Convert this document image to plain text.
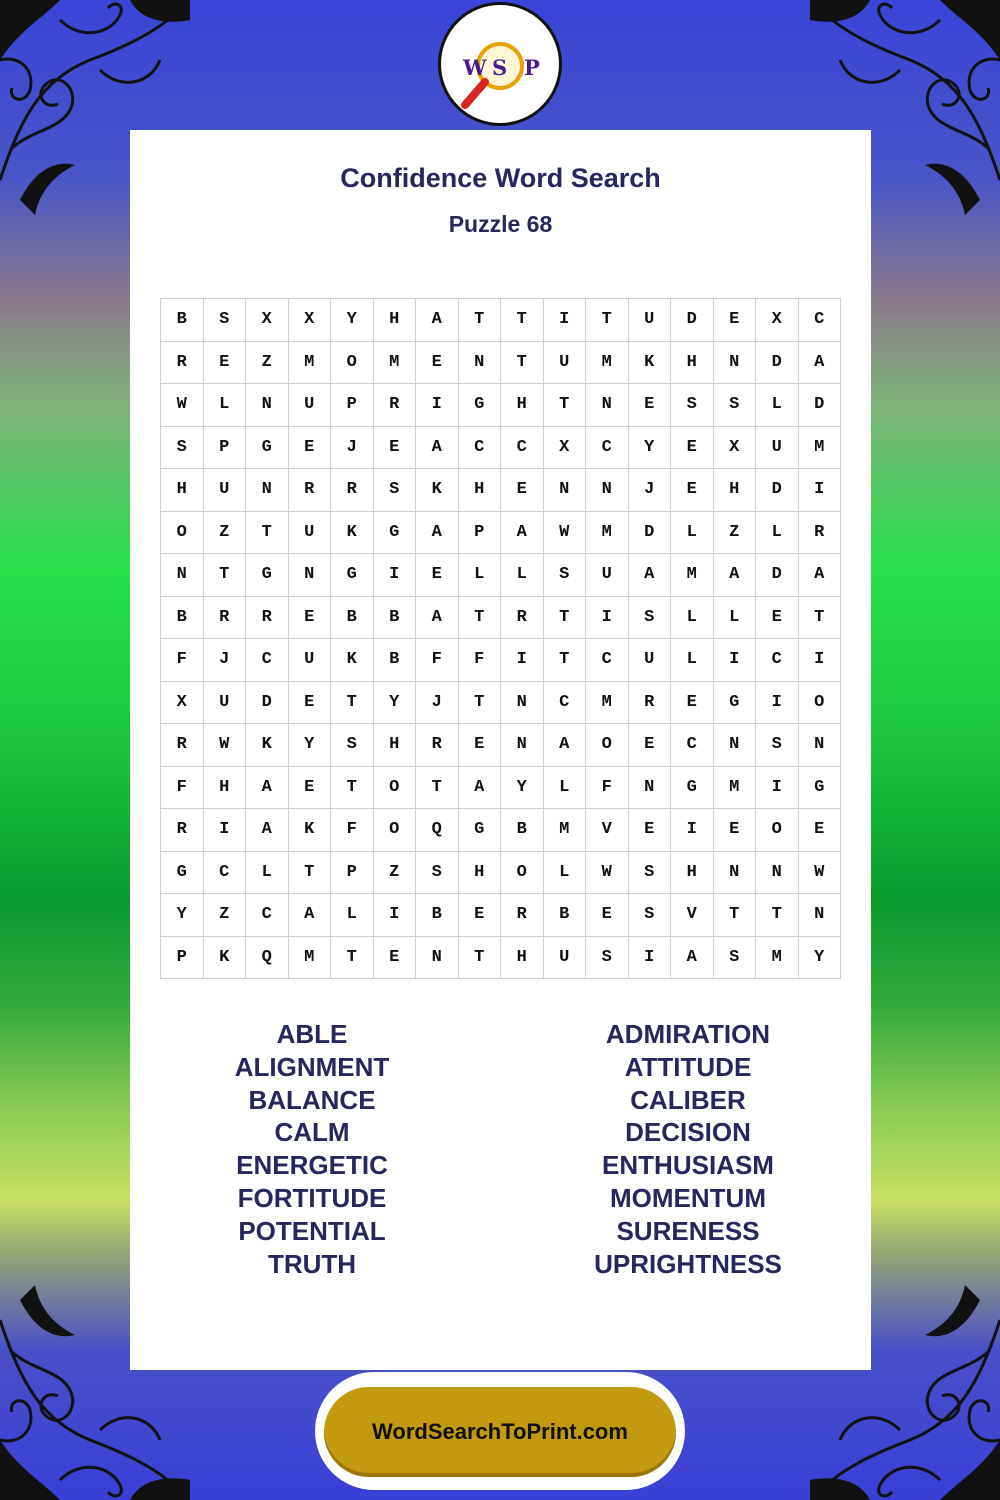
W S P
Confidence Word Search
Puzzle 68
B	S	X	X	Y	H	A	T	T	I	T	U	D	E	X	C
R	E	Z	M	O	M	E	N	T	U	M	K	H	N	D	A
W	L	N	U	P	R	I	G	H	T	N	E	S	S	L	D
S	P	G	E	J	E	A	C	C	X	C	Y	E	X	U	M
H	U	N	R	R	S	K	H	E	N	N	J	E	H	D	I
O	Z	T	U	K	G	A	P	A	W	M	D	L	Z	L	R
N	T	G	N	G	I	E	L	L	S	U	A	M	A	D	A
B	R	R	E	B	B	A	T	R	T	I	S	L	L	E	T
F	J	C	U	K	B	F	F	I	T	C	U	L	I	C	I
X	U	D	E	T	Y	J	T	N	C	M	R	E	G	I	O
R	W	K	Y	S	H	R	E	N	A	O	E	C	N	S	N
F	H	A	E	T	O	T	A	Y	L	F	N	G	M	I	G
R	I	A	K	F	O	Q	G	B	M	V	E	I	E	O	E
G	C	L	T	P	Z	S	H	O	L	W	S	H	N	N	W
Y	Z	C	A	L	I	B	E	R	B	E	S	V	T	T	N
P	K	Q	M	T	E	N	T	H	U	S	I	A	S	M	Y
ABLE
ALIGNMENT
BALANCE
CALM
ENERGETIC
FORTITUDE
POTENTIAL
TRUTH
ADMIRATION
ATTITUDE
CALIBER
DECISION
ENTHUSIASM
MOMENTUM
SURENESS
UPRIGHTNESS
WordSearchToPrint.com
